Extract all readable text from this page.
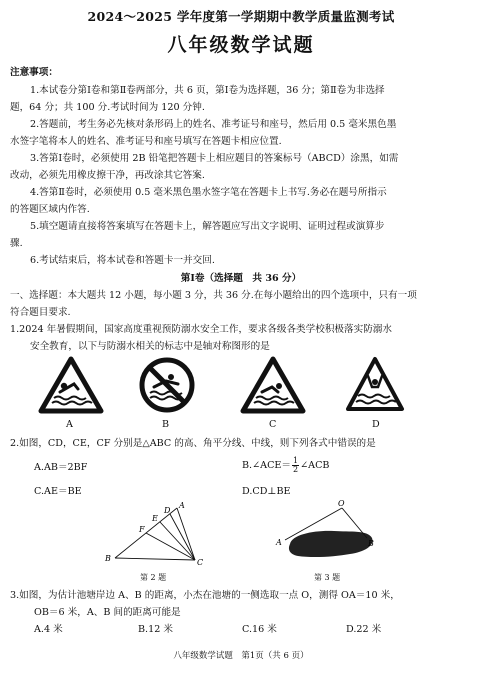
2024～2025 学年度第一学期期中教学质量监测考试
八年级数学试题
注意事项：
1.本试卷分第Ⅰ卷和第Ⅱ卷两部分，共 6 页，第Ⅰ卷为选择题，36 分；第Ⅱ卷为非选择
题，64 分；共 100 分.考试时间为 120 分钟.
2.答题前，考生务必先核对条形码上的姓名、准考证号和座号，然后用 0.5 毫米黑色墨
水签字笔将本人的姓名、准考证号和座号填写在答题卡相应位置.
3.答第Ⅰ卷时，必须使用 2B 铅笔把答题卡上相应题目的答案标号（ABCD）涂黑，如需
改动，必须先用橡皮擦干净，再改涂其它答案.
4.答第Ⅱ卷时，必须使用 0.5 毫米黑色墨水签字笔在答题卡上书写.务必在题号所指示
的答题区域内作答.
5.填空题请直接将答案填写在答题卡上，解答题应写出文字说明、证明过程或演算步
骤.
6.考试结束后，将本试卷和答题卡一并交回.
第Ⅰ卷（选择题　共 36 分）
一、选择题：本大题共 12 小题，每小题 3 分，共 36 分.在每小题给出的四个选项中，只有一项
符合题目要求.
1.2024 年暑假期间，国家高度重视预防溺水安全工作，要求各级各类学校积极落实防溺水
安全教育，以下与防溺水相关的标志中是轴对称图形的是
A	B	C	D
2.如图，CD，CE，CF 分别是△ABC 的高、角平分线、中线，则下列各式中错误的是
A.AB＝2BF	B.∠ACE＝ $\frac{1}{2}$ ∠ACB
C.AE＝BE	D.CD⊥BE
A
D
E
F
B	C
第 2 题
O
A	B
第 3 题
3.如图，为估计池塘岸边 A、B 的距离，小杰在池塘的一侧选取一点 O，测得 OA＝10 米，
OB＝6 米，A、B 间的距离可能是
A.4 米	B.12 米	C.16 米	D.22 米
八年级数学试题　第1页（共 6 页）
